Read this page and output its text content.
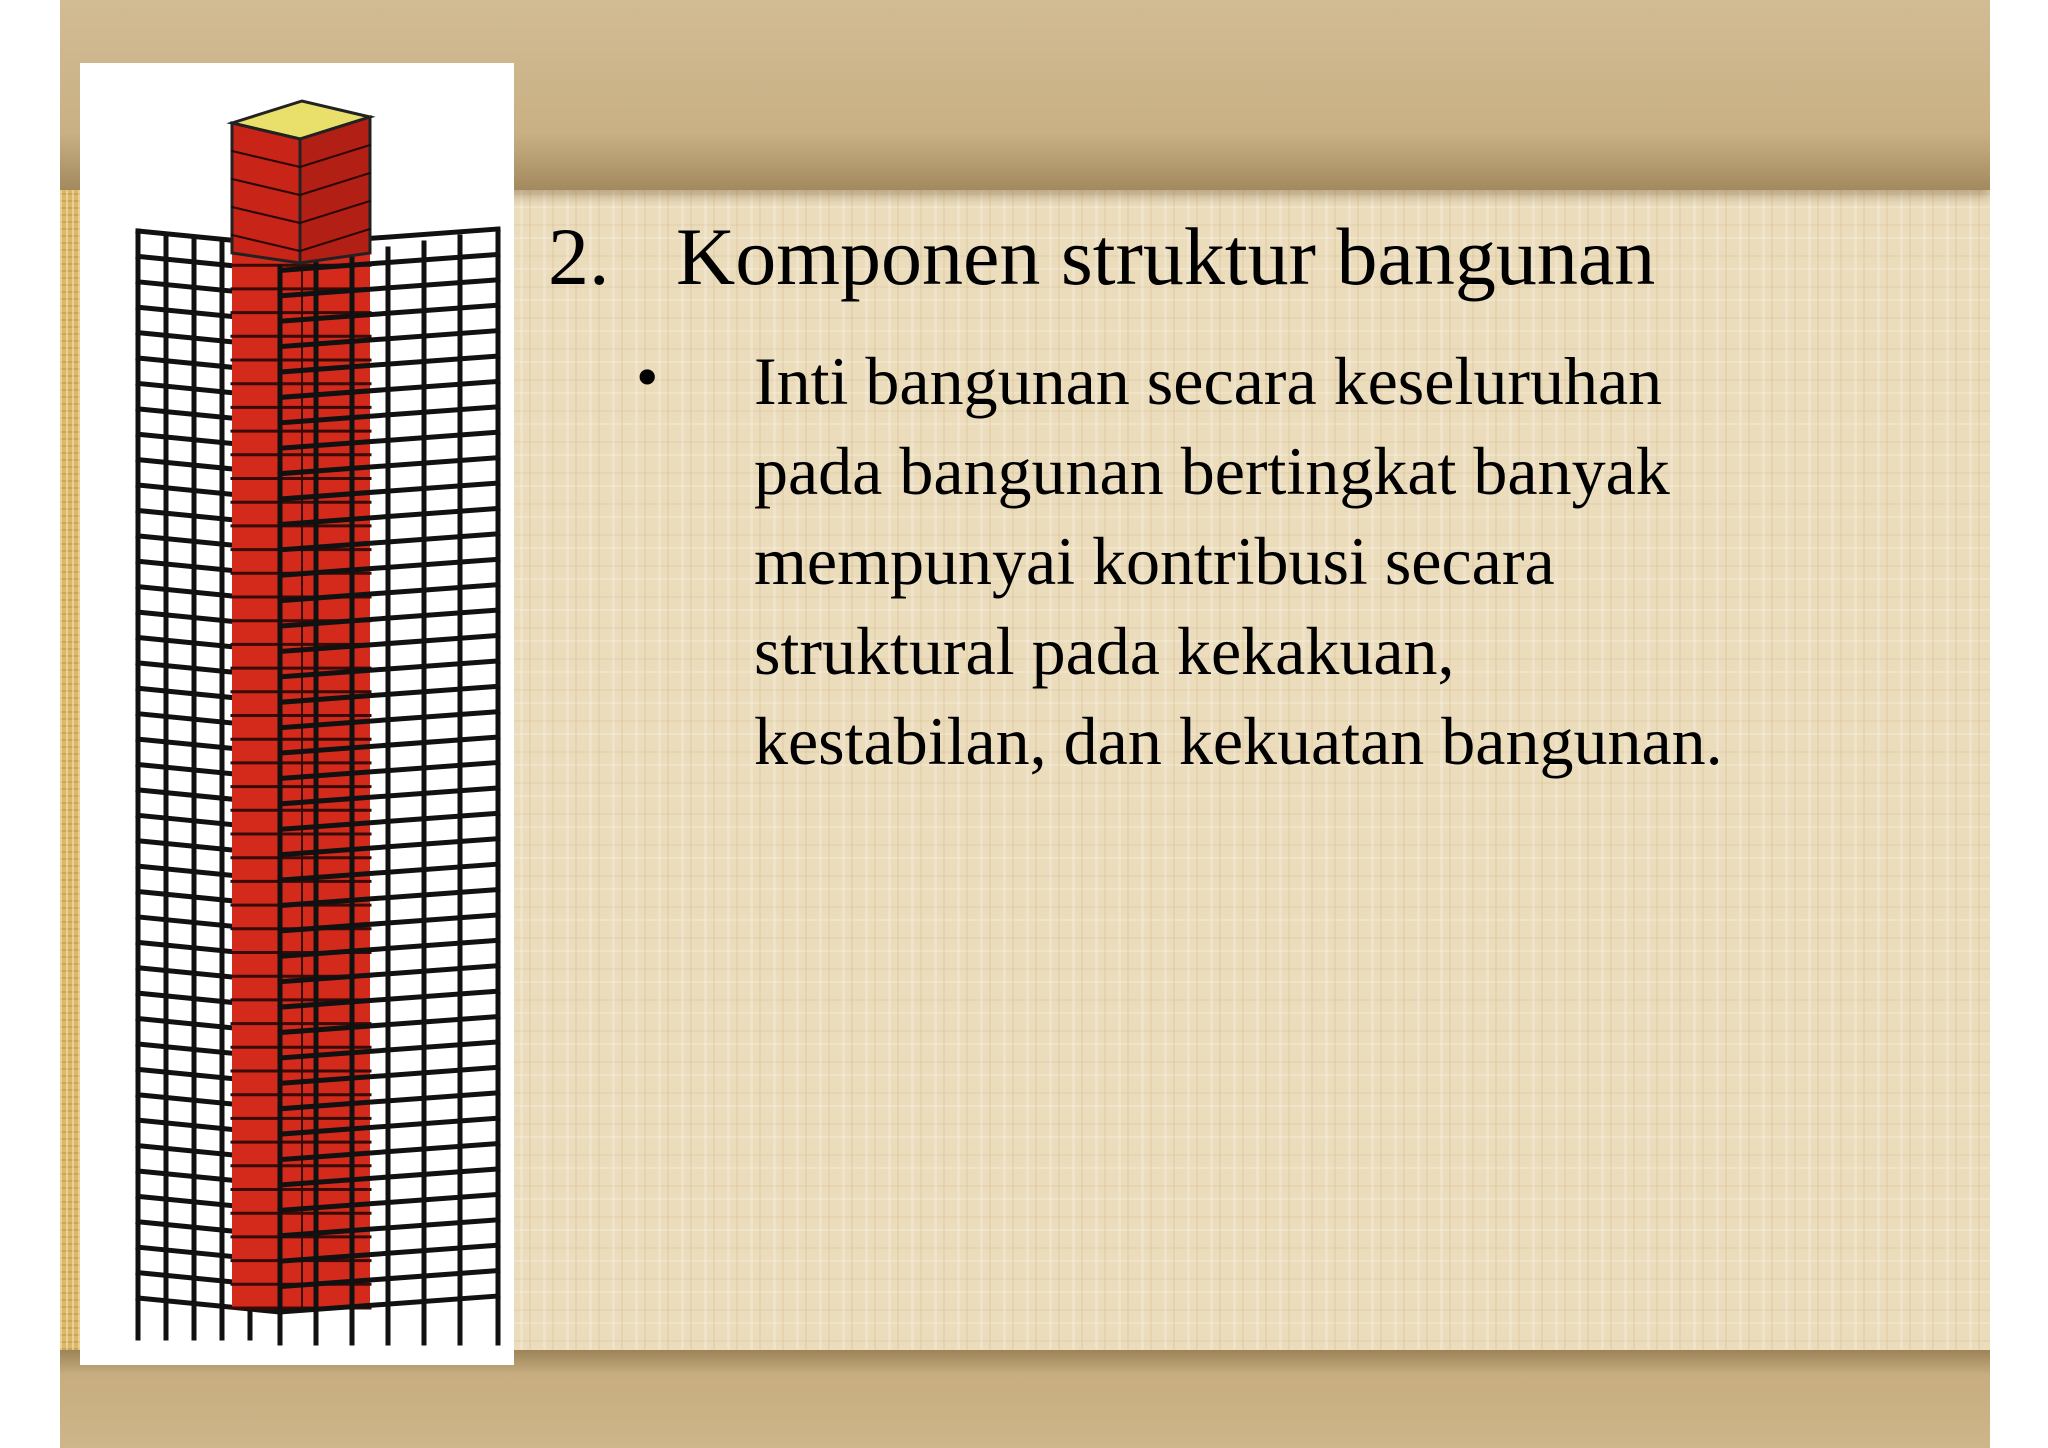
2. Komponen struktur bangunan
• Inti bangunan secara keseluruhan pada bangunan bertingkat banyak mempunyai kontribusi secara struktural pada kekakuan, kestabilan, dan kekuatan bangunan.
